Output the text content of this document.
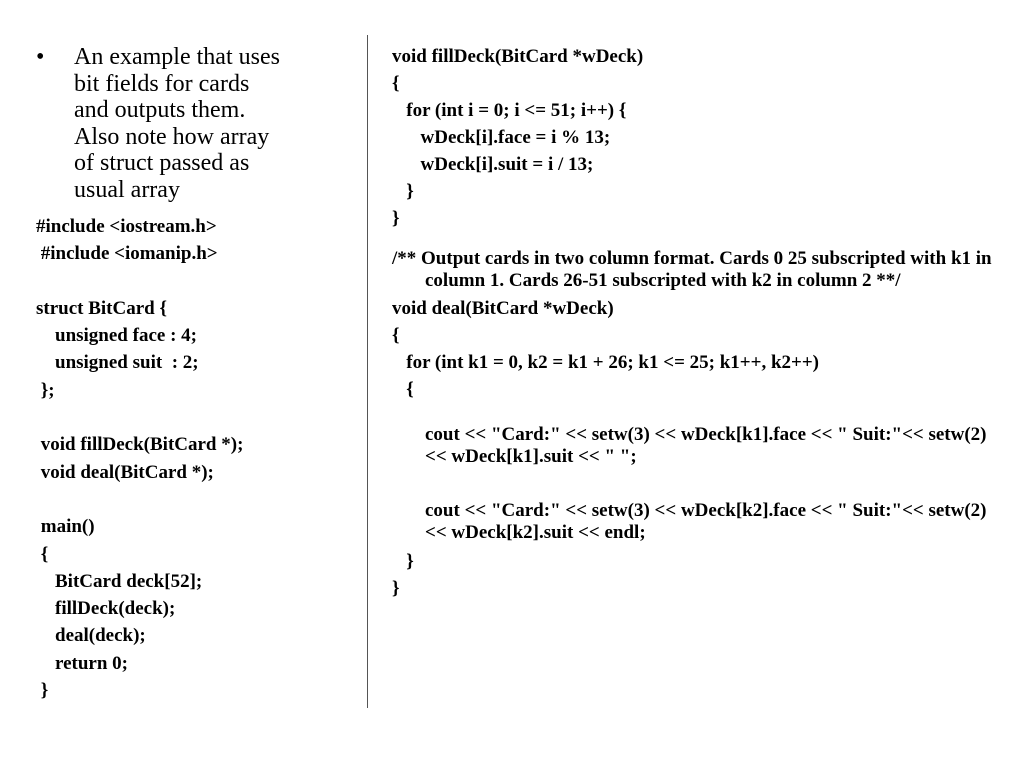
• An example that uses
bit fields for cards
and outputs them.
Also note how array
of struct passed as
usual array
#include <iostream.h>
#include <iomanip.h>
struct BitCard {
unsigned face : 4;
unsigned suit  : 2;
};
void fillDeck(BitCard *);
void deal(BitCard *);
main()
{
BitCard deck[52];
fillDeck(deck);
deal(deck);
return 0;
}
void fillDeck(BitCard *wDeck)
{
for (int i = 0; i <= 51; i++) {
wDeck[i].face = i % 13;
wDeck[i].suit = i / 13;
}
}
/** Output cards in two column format. Cards 0 25 subscripted with k1 in column 1. Cards 26-51 subscripted with k2 in column 2 **/
void deal(BitCard *wDeck)
{
for (int k1 = 0, k2 = k1 + 26; k1 <= 25; k1++, k2++)
{
cout << "Card:" << setw(3) << wDeck[k1].face << " Suit:"<< setw(2) << wDeck[k1].suit << " ";
cout << "Card:" << setw(3) << wDeck[k2].face << " Suit:"<< setw(2) << wDeck[k2].suit << endl;
}
}
